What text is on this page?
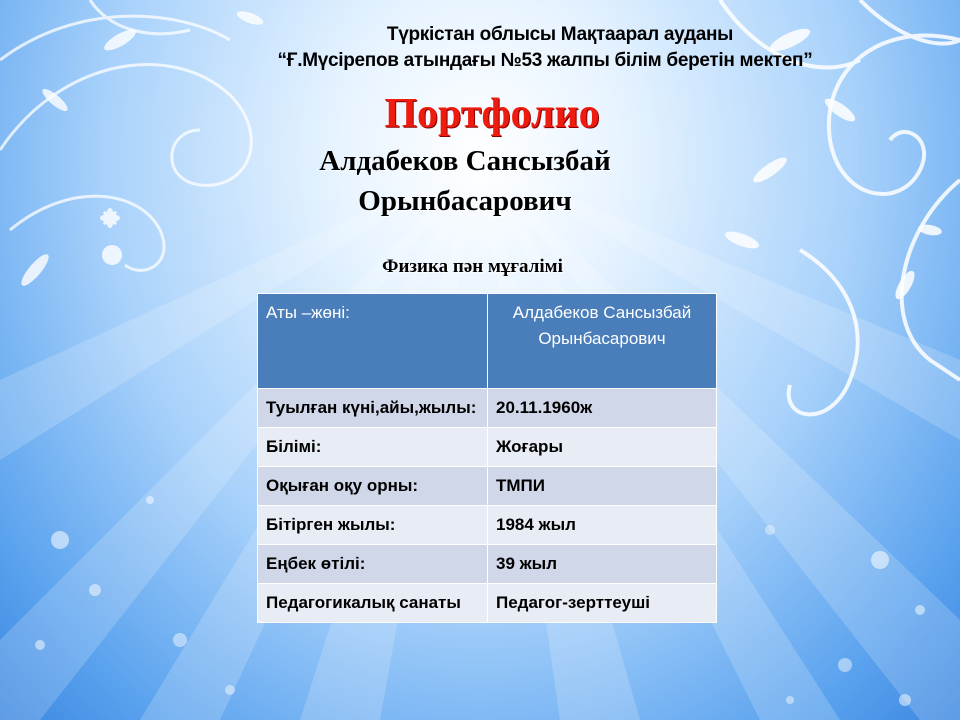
Түркістан облысы Мақтаарал ауданы
“Ғ.Мүсірепов атындағы №53 жалпы білім беретін мектеп”
Портфолио
Алдабеков Сансызбай
Орынбасарович
Физика пән мұғалімі
Аты –жөні:	Алдабеков Сансызбай Орынбасарович
Туылған күні,айы,жылы:	20.11.1960ж
Білімі:	Жоғары
Оқыған оқу орны:	ТМПИ
Бітірген жылы:	1984 жыл
Еңбек өтілі:	39 жыл
Педагогикалық санаты	Педагог-зерттеуші
